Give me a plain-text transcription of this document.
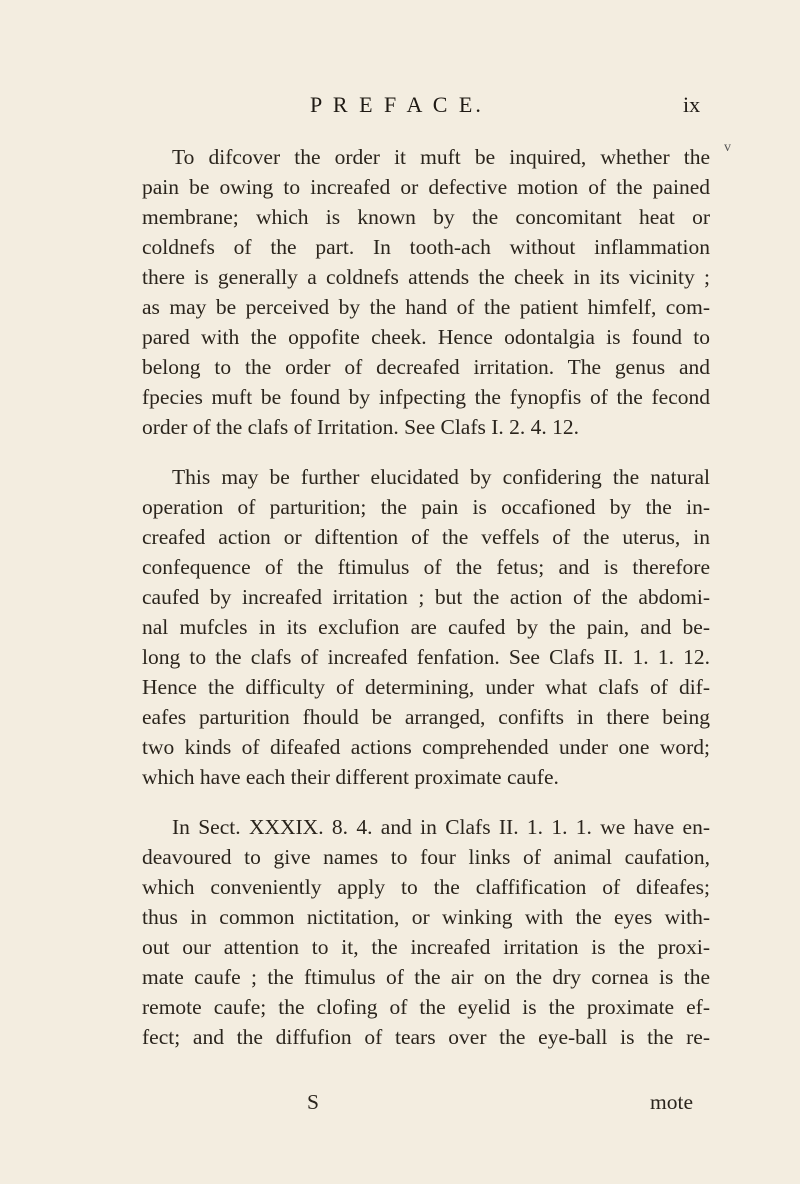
P R E F A C E.	ix
v
To difcover the order it muft be inquired, whether the
pain be owing to increafed or defective motion of the pained
membrane; which is known by the concomitant heat or
coldnefs of the part. In tooth-ach without inflammation
there is generally a coldnefs attends the cheek in its vicinity ;
as may be perceived by the hand of the patient himfelf, com-
pared with the oppofite cheek. Hence odontalgia is found to
belong to the order of decreafed irritation. The genus and
fpecies muft be found by infpecting the fynopfis of the fecond
order of the clafs of Irritation. See Clafs I. 2. 4. 12.
This may be further elucidated by confidering the natural
operation of parturition; the pain is occafioned by the in-
creafed action or diftention of the veffels of the uterus, in
confequence of the ftimulus of the fetus; and is therefore
caufed by increafed irritation ; but the action of the abdomi-
nal mufcles in its exclufion are caufed by the pain, and be-
long to the clafs of increafed fenfation. See Clafs II. 1. 1. 12.
Hence the difficulty of determining, under what clafs of dif-
eafes parturition fhould be arranged, confifts in there being
two kinds of difeafed actions comprehended under one word;
which have each their different proximate caufe.
In Sect. XXXIX. 8. 4. and in Clafs II. 1. 1. 1. we have en-
deavoured to give names to four links of animal caufation,
which conveniently apply to the claffification of difeafes;
thus in common nictitation, or winking with the eyes with-
out our attention to it, the increafed irritation is the proxi-
mate caufe ; the ftimulus of the air on the dry cornea is the
remote caufe; the clofing of the eyelid is the proximate ef-
fect; and the diffufion of tears over the eye-ball is the re-
S	mote
